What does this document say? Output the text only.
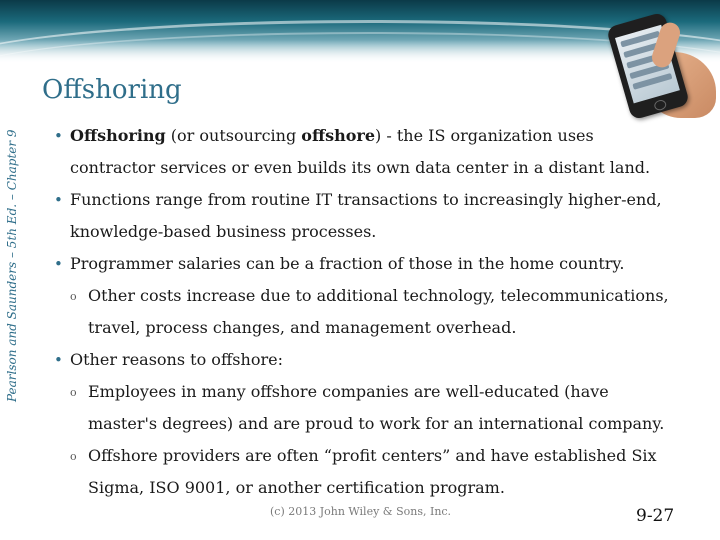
Pearlson and Saunders – 5th Ed. – Chapter 9
Offshoring
• Offshoring (or outsourcing offshore) - the IS organization uses contractor services or even builds its own data center in a distant land.
• Functions range from routine IT transactions to increasingly higher-end, knowledge-based business processes.
• Programmer salaries can be a fraction of those in the home country.
o Other costs increase due to additional technology, telecommunications, travel, process changes, and management overhead.
• Other reasons to offshore:
o Employees in many offshore companies are well-educated (have master's degrees) and are proud to work for an international company.
o Offshore providers are often “profit centers” and have established Six Sigma, ISO 9001, or another certification program.
(c) 2013 John Wiley & Sons, Inc.	9-27
